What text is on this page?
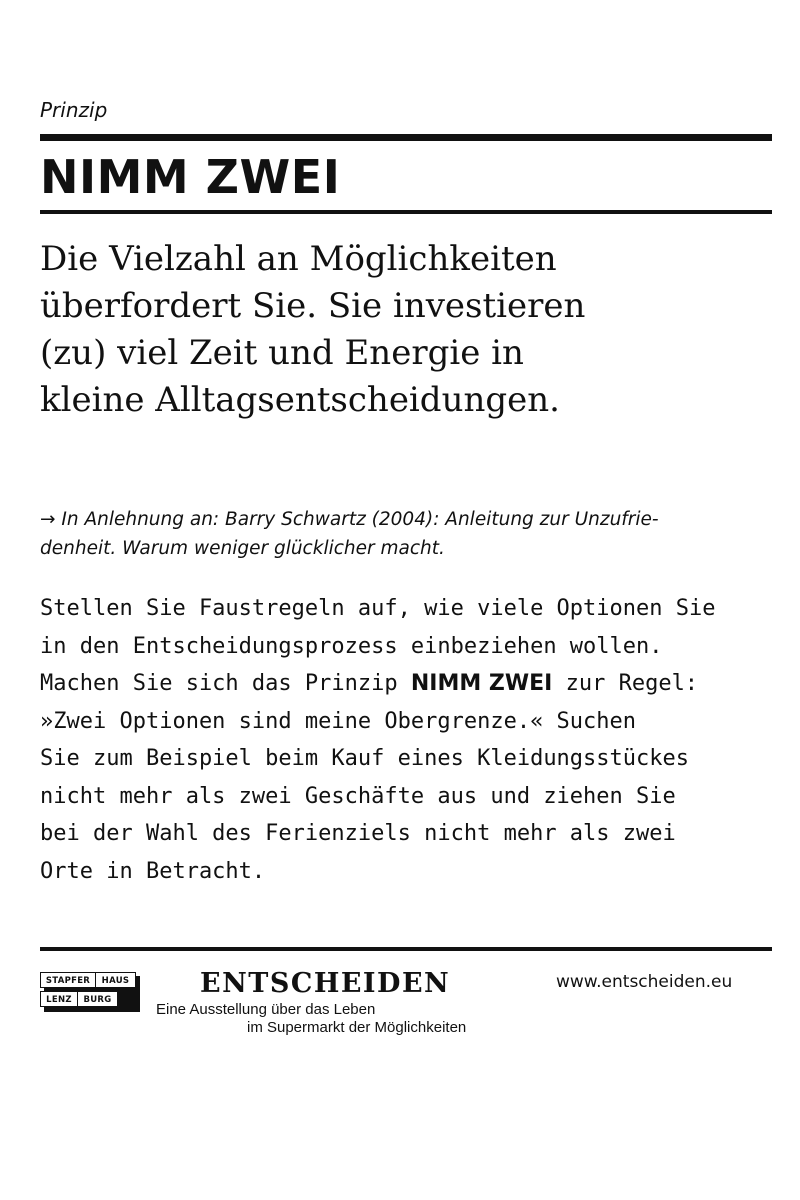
Prinzip
NIMM ZWEI
Die Vielzahl an Möglichkeiten
überfordert Sie. Sie investieren
(zu) viel Zeit und Energie in
kleine Alltagsentscheidungen.
→ In Anlehnung an: Barry Schwartz (2004): Anleitung zur Unzufrie-
denheit. Warum weniger glücklicher macht.
Stellen Sie Faustregeln auf, wie viele Optionen Sie
in den Entscheidungsprozess einbeziehen wollen.
Machen Sie sich das Prinzip NIMM ZWEI zur Regel:
»Zwei Optionen sind meine Obergrenze.« Suchen
Sie zum Beispiel beim Kauf eines Kleidungsstückes
nicht mehr als zwei Geschäfte aus und ziehen Sie
bei der Wahl des Ferienziels nicht mehr als zwei
Orte in Betracht.
STAPFER	HAUS
LENZ	BURG
ENTSCHEIDEN
Eine Ausstellung über das Leben
im Supermarkt der Möglichkeiten
www.entscheiden.eu
